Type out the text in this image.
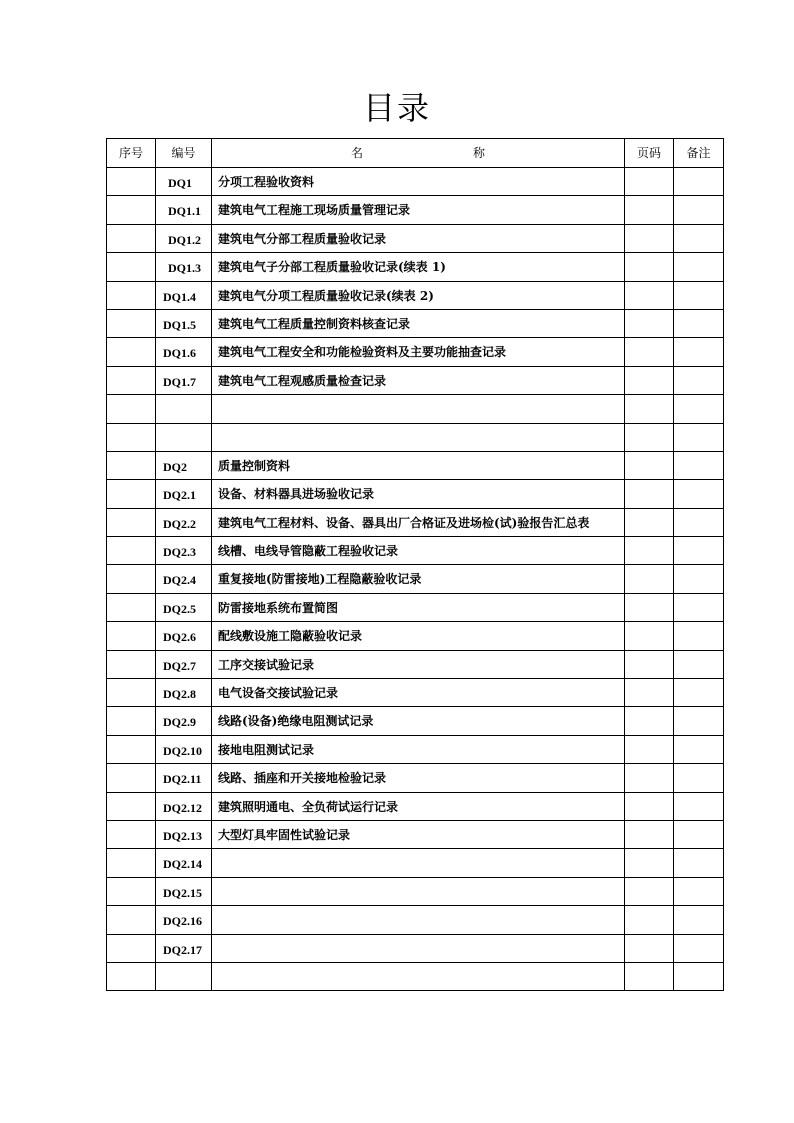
目录
序号	编号	名 称	页码	备注
	DQ1	分项工程验收资料		
	DQ1.1	建筑电气工程施工现场质量管理记录		
	DQ1.2	建筑电气分部工程质量验收记录		
	DQ1.3	建筑电气子分部工程质量验收记录(续表 1)		
	DQ1.4	建筑电气分项工程质量验收记录(续表 2)		
	DQ1.5	建筑电气工程质量控制资料核查记录		
	DQ1.6	建筑电气工程安全和功能检验资料及主要功能抽查记录		
	DQ1.7	建筑电气工程观感质量检查记录		

	DQ2	质量控制资料		
	DQ2.1	设备、材料器具进场验收记录		
	DQ2.2	建筑电气工程材料、设备、器具出厂合格证及进场检(试)验报告汇总表		
	DQ2.3	线槽、电线导管隐蔽工程验收记录		
	DQ2.4	重复接地(防雷接地)工程隐蔽验收记录		
	DQ2.5	防雷接地系统布置简图		
	DQ2.6	配线敷设施工隐蔽验收记录		
	DQ2.7	工序交接试验记录		
	DQ2.8	电气设备交接试验记录		
	DQ2.9	线路(设备)绝缘电阻测试记录		
	DQ2.10	接地电阻测试记录		
	DQ2.11	线路、插座和开关接地检验记录		
	DQ2.12	建筑照明通电、全负荷试运行记录		
	DQ2.13	大型灯具牢固性试验记录		
	DQ2.14			
	DQ2.15			
	DQ2.16			
	DQ2.17			
